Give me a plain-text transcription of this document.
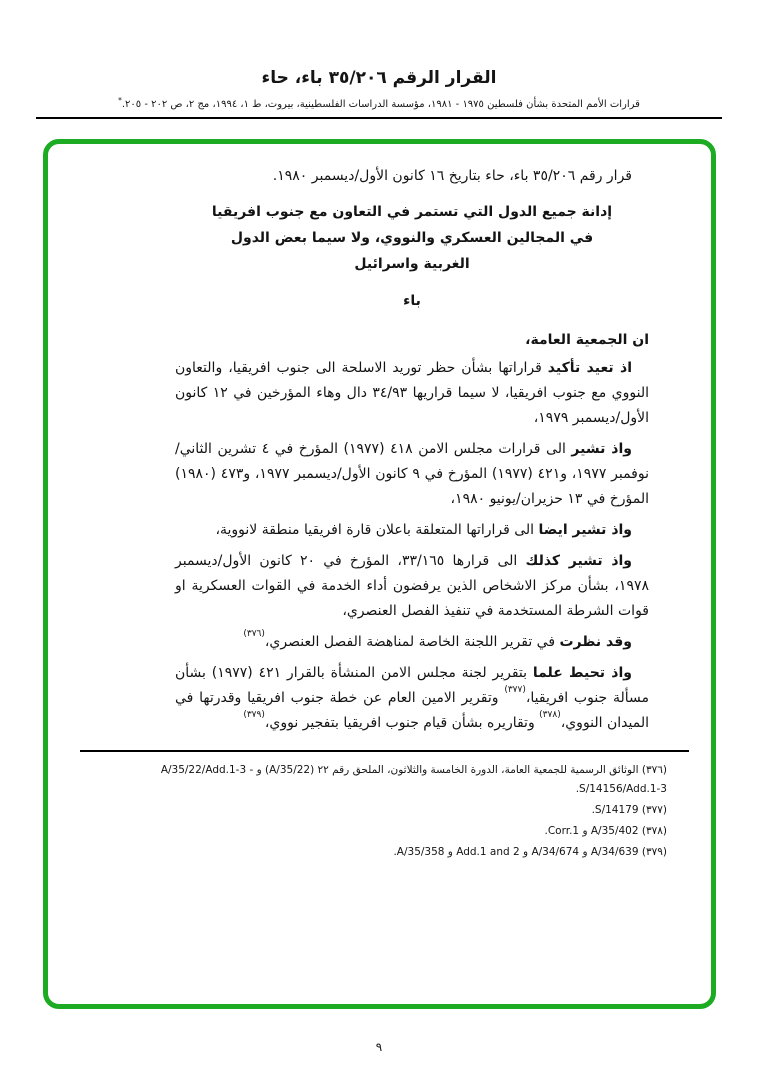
القرار الرقم ٣٥/٢٠٦ باء، حاء
قرارات الأمم المتحدة بشأن فلسطين ١٩٧٥ - ١٩٨١، مؤسسة الدراسات الفلسطينية، بيروت، ط ١، ١٩٩٤، مج ٢، ص ٢٠٢ - ٢٠٥.*

قرار رقم ٣٥/٢٠٦ باء، حاء بتاريخ ١٦ كانون الأول/ديسمبر ١٩٨٠.

إدانة جميع الدول التي تستمر في التعاون مع جنوب افريقيا
في المجالين العسكري والنووي، ولا سيما بعض الدول
الغربية واسرائيل
باء

ان الجمعية العامة،

اذ تعيد تأكيد قراراتها بشأن حظر توريد الاسلحة الى جنوب افريقيا، والتعاون النووي مع جنوب افريقيا، لا سيما قراريها ٣٤/٩٣ دال وهاء المؤرخين في ١٢ كانون الأول/ديسمبر ١٩٧٩،

واذ تشير الى قرارات مجلس الامن ٤١٨ (١٩٧٧) المؤرخ في ٤ تشرين الثاني/نوفمبر ١٩٧٧، و٤٢١ (١٩٧٧) المؤرخ في ٩ كانون الأول/ديسمبر ١٩٧٧، و٤٧٣ (١٩٨٠) المؤرخ في ١٣ حزيران/يونيو ١٩٨٠،

واذ تشير ايضا الى قراراتها المتعلقة باعلان قارة افريقيا منطقة لانووية،

واذ تشير كذلك الى قرارها ٣٣/١٦٥، المؤرخ في ٢٠ كانون الأول/ديسمبر ١٩٧٨، بشأن مركز الاشخاص الذين يرفضون أداء الخدمة في القوات العسكرية او قوات الشرطة المستخدمة في تنفيذ الفصل العنصري،

وقد نظرت في تقرير اللجنة الخاصة لمناهضة الفصل العنصري،$^{(٣٧٦)}$

واذ تحيط علما بتقرير لجنة مجلس الامن المنشأة بالقرار ٤٢١ (١٩٧٧) بشأن مسألة جنوب افريقيا،$^{(٣٧٧)}$ وتقرير الامين العام عن خطة جنوب افريقيا وقدرتها في الميدان النووي،$^{(٣٧٨)}$ وتقاريره بشأن قيام جنوب افريقيا بتفجير نووي،$^{(٣٧٩)}$

(٣٧٦) الوثائق الرسمية للجمعية العامة، الدورة الخامسة والثلاثون، الملحق رقم ٢٢ (A/35/22) و A/35/22/Add.1-3 - S/14156/Add.1-3.
(٣٧٧) S/14179.
(٣٧٨) A/35/402 و Corr.1.
(٣٧٩) A/34/639 و A/34/674 و Add.1 and 2 و A/35/358.
٩
